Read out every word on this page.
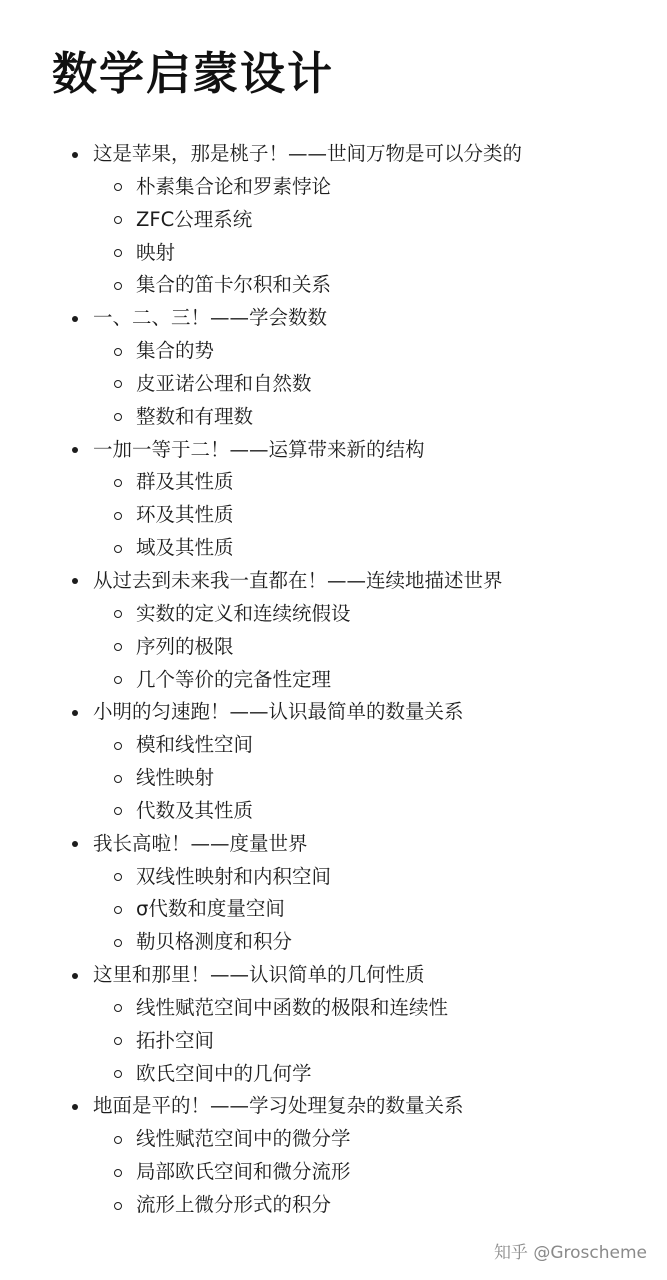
数学启蒙设计
这是苹果，那是桃子！——世间万物是可以分类的
朴素集合论和罗素悖论
ZFC公理系统
映射
集合的笛卡尔积和关系
一、二、三！——学会数数
集合的势
皮亚诺公理和自然数
整数和有理数
一加一等于二！——运算带来新的结构
群及其性质
环及其性质
域及其性质
从过去到未来我一直都在！——连续地描述世界
实数的定义和连续统假设
序列的极限
几个等价的完备性定理
小明的匀速跑！——认识最简单的数量关系
模和线性空间
线性映射
代数及其性质
我长高啦！——度量世界
双线性映射和内积空间
σ代数和度量空间
勒贝格测度和积分
这里和那里！——认识简单的几何性质
线性赋范空间中函数的极限和连续性
拓扑空间
欧氏空间中的几何学
地面是平的！——学习处理复杂的数量关系
线性赋范空间中的微分学
局部欧氏空间和微分流形
流形上微分形式的积分
知乎 @Groscheme
